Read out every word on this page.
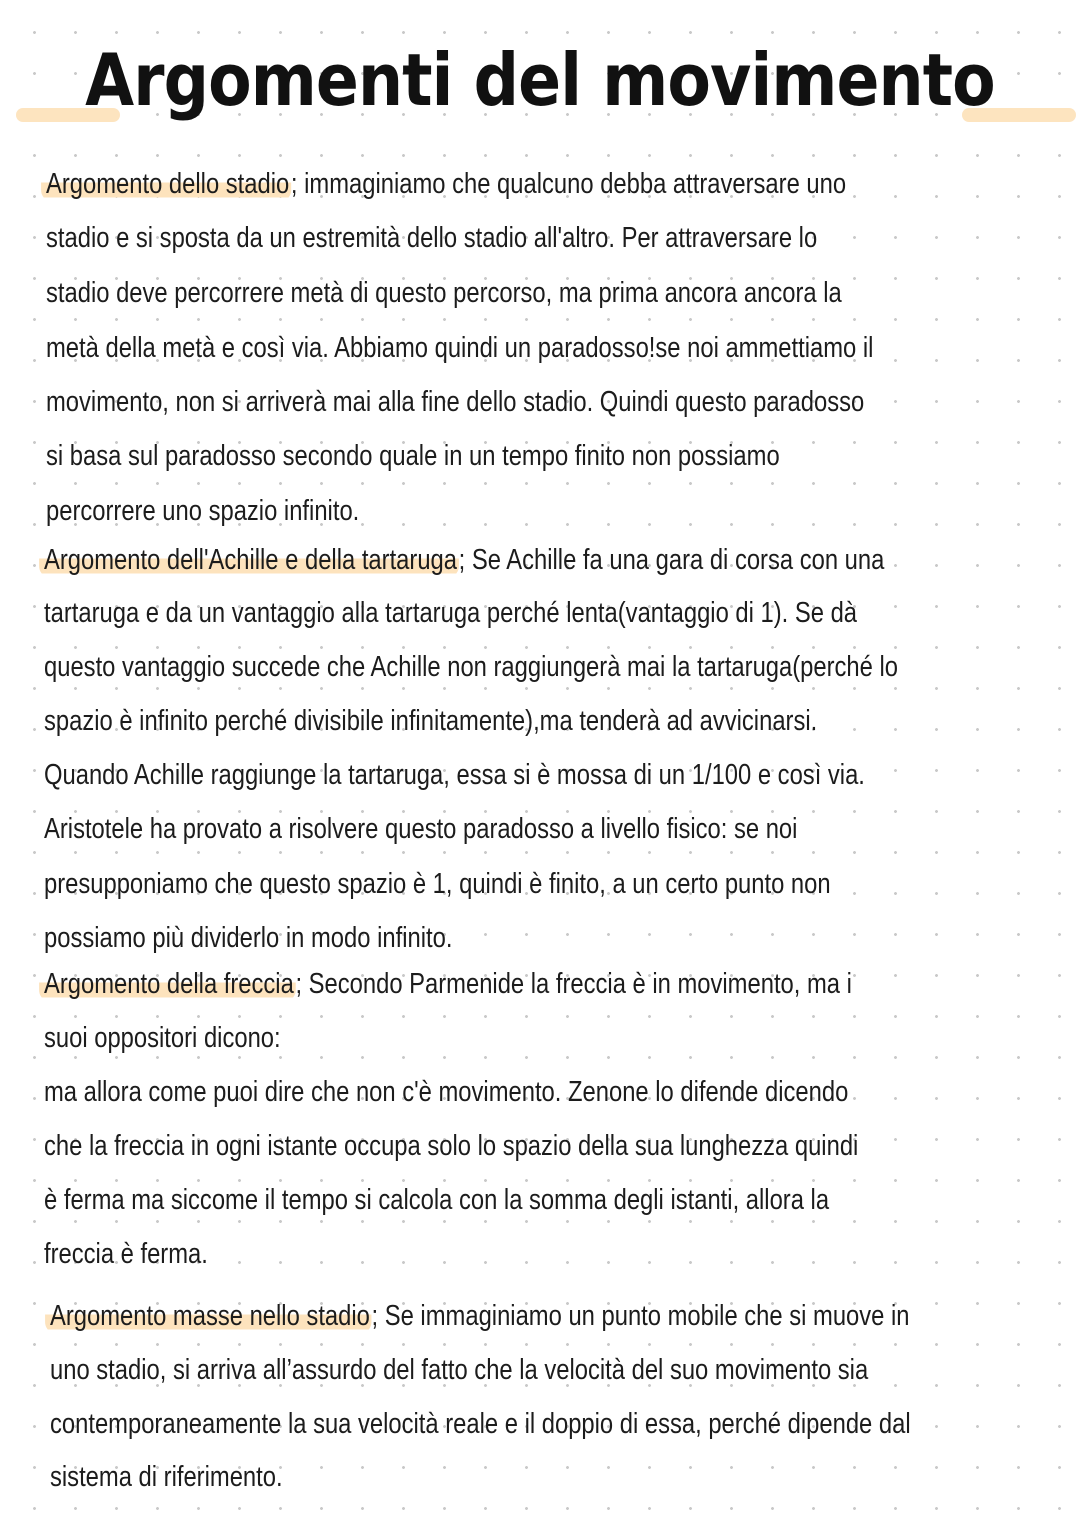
Argomenti del movimento
Argomento dello stadio; immaginiamo che qualcuno debba attraversare uno
stadio e si sposta da un estremità dello stadio all'altro. Per attraversare lo
stadio deve percorrere metà di questo percorso, ma prima ancora ancora la
metà della metà e così via. Abbiamo quindi un paradosso!se noi ammettiamo il
movimento, non si arriverà mai alla fine dello stadio. Quindi questo paradosso
si basa sul paradosso secondo quale in un tempo finito non possiamo
percorrere uno spazio infinito.
Argomento dell'Achille e della tartaruga; Se Achille fa una gara di corsa con una
tartaruga e da un vantaggio alla tartaruga perché lenta(vantaggio di 1). Se dà
questo vantaggio succede che Achille non raggiungerà mai la tartaruga(perché lo
spazio è infinito perché divisibile infinitamente),ma tenderà ad avvicinarsi.
Quando Achille raggiunge la tartaruga, essa si è mossa di un 1/100 e così via.
Aristotele ha provato a risolvere questo paradosso a livello fisico: se noi
presupponiamo che questo spazio è 1, quindi è finito, a un certo punto non
possiamo più dividerlo in modo infinito.
Argomento della freccia; Secondo Parmenide la freccia è in movimento, ma i
suoi oppositori dicono:
ma allora come puoi dire che non c'è movimento. Zenone lo difende dicendo
che la freccia in ogni istante occupa solo lo spazio della sua lunghezza quindi
è ferma ma siccome il tempo si calcola con la somma degli istanti, allora la
freccia è ferma.
Argomento masse nello stadio; Se immaginiamo un punto mobile che si muove in
uno stadio, si arriva all’assurdo del fatto che la velocità del suo movimento sia
contemporaneamente la sua velocità reale e il doppio di essa, perché dipende dal
sistema di riferimento.
